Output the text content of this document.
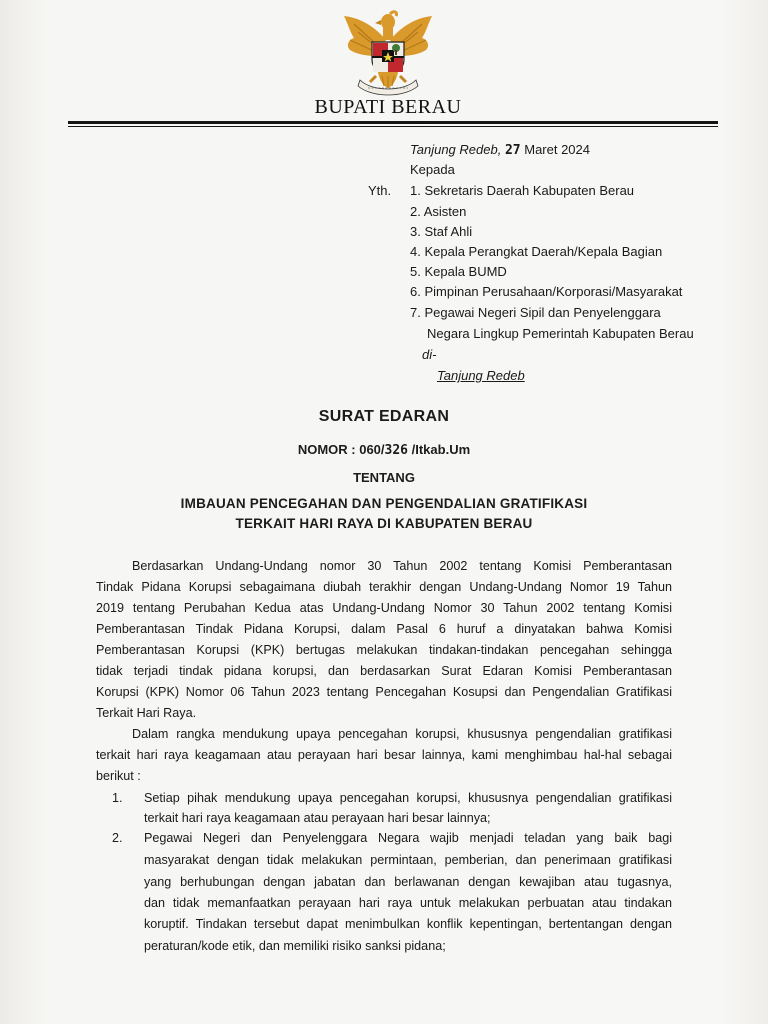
BUPATI BERAU
Tanjung Redeb, 27 Maret 2024
Kepada
Yth. 1. Sekretaris Daerah Kabupaten Berau
2. Asisten
3. Staf Ahli
4. Kepala Perangkat Daerah/Kepala Bagian
5. Kepala BUMD
6. Pimpinan Perusahaan/Korporasi/Masyarakat
7. Pegawai Negeri Sipil dan Penyelenggara
Negara Lingkup Pemerintah Kabupaten Berau
di-
Tanjung Redeb
SURAT EDARAN
NOMOR : 060/326 /Itkab.Um
TENTANG
IMBAUAN PENCEGAHAN DAN PENGENDALIAN GRATIFIKASI
TERKAIT HARI RAYA DI KABUPATEN BERAU
Berdasarkan Undang-Undang nomor 30 Tahun 2002 tentang Komisi Pemberantasan
Tindak Pidana Korupsi sebagaimana diubah terakhir dengan Undang-Undang Nomor 19 Tahun
2019 tentang Perubahan Kedua atas Undang-Undang Nomor 30 Tahun 2002 tentang Komisi
Pemberantasan Tindak Pidana Korupsi, dalam Pasal 6 huruf a dinyatakan bahwa Komisi
Pemberantasan Korupsi (KPK) bertugas melakukan tindakan-tindakan pencegahan sehingga
tidak terjadi tindak pidana korupsi, dan berdasarkan Surat Edaran Komisi Pemberantasan
Korupsi (KPK) Nomor 06 Tahun 2023 tentang Pencegahan Kosupsi dan Pengendalian Gratifikasi
Terkait Hari Raya.
Dalam rangka mendukung upaya pencegahan korupsi, khususnya pengendalian gratifikasi
terkait hari raya keagamaan atau perayaan hari besar lainnya, kami menghimbau hal-hal sebagai
berikut :
1. Setiap pihak mendukung upaya pencegahan korupsi, khususnya pengendalian gratifikasi
terkait hari raya keagamaan atau perayaan hari besar lainnya;
2. Pegawai Negeri dan Penyelenggara Negara wajib menjadi teladan yang baik bagi
masyarakat dengan tidak melakukan permintaan, pemberian, dan penerimaan gratifikasi
yang berhubungan dengan jabatan dan berlawanan dengan kewajiban atau tugasnya,
dan tidak memanfaatkan perayaan hari raya untuk melakukan perbuatan atau tindakan
koruptif. Tindakan tersebut dapat menimbulkan konflik kepentingan, bertentangan dengan
peraturan/kode etik, dan memiliki risiko sanksi pidana;
